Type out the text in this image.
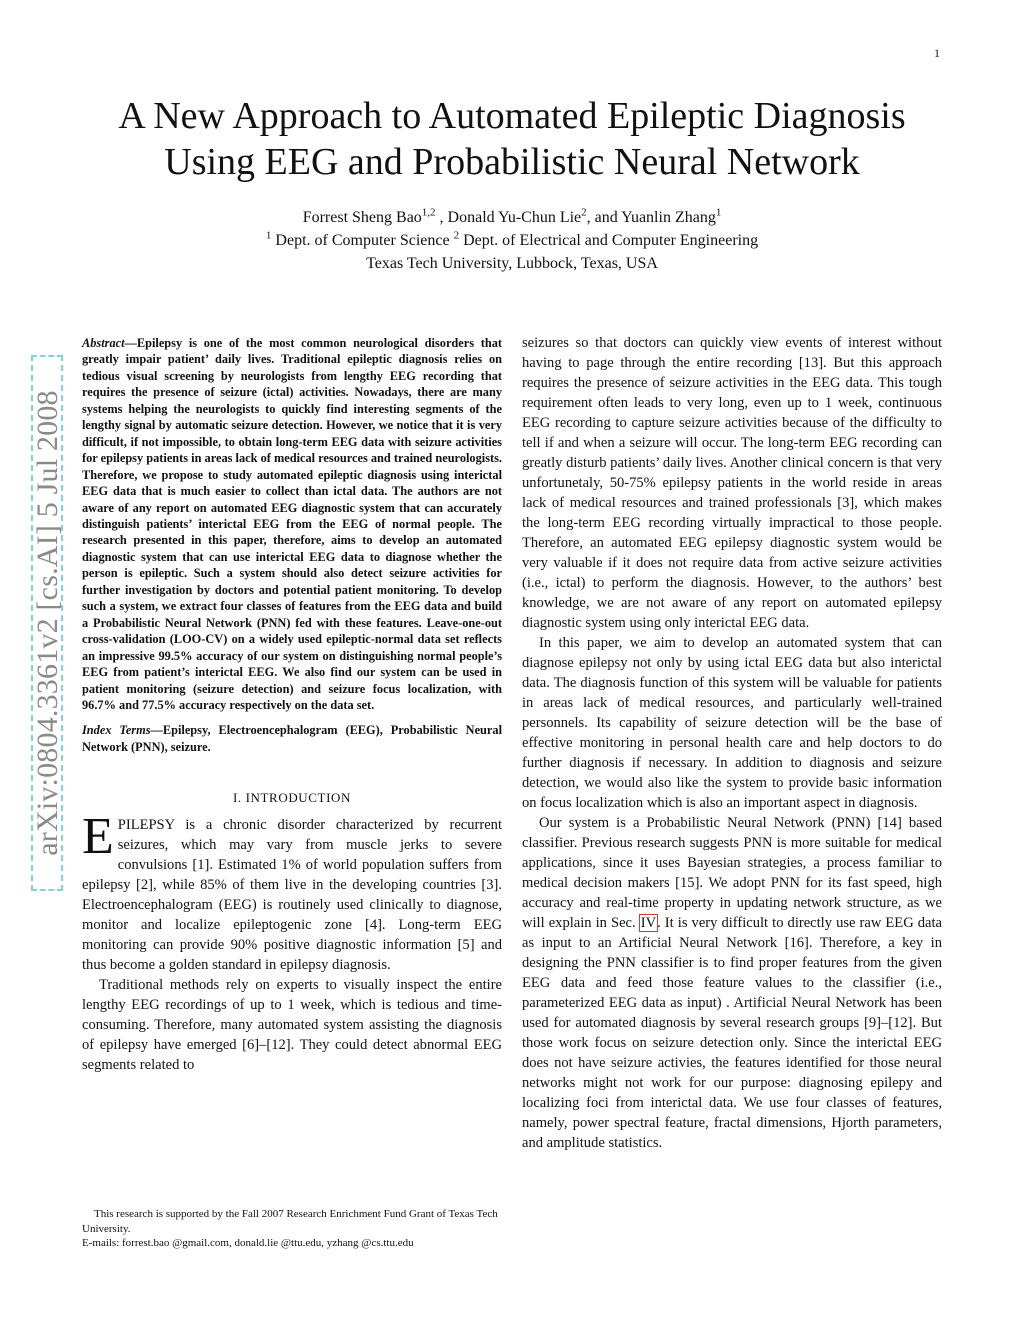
1
A New Approach to Automated Epileptic Diagnosis
Using EEG and Probabilistic Neural Network
Forrest Sheng Bao$^{1,2}$ , Donald Yu-Chun Lie$^2$, and Yuanlin Zhang$^1$
$^1$ Dept. of Computer Science $^2$ Dept. of Electrical and Computer Engineering
Texas Tech University, Lubbock, Texas, USA
arXiv:0804.3361v2 [cs.AI] 5 Jul 2008

Abstract—Epilepsy is one of the most common neurological disorders that greatly impair patient’ daily lives. Traditional epileptic diagnosis relies on tedious visual screening by neurologists from lengthy EEG recording that requires the presence of seizure (ictal) activities. Nowadays, there are many systems helping the neurologists to quickly find interesting segments of the lengthy signal by automatic seizure detection. However, we notice that it is very difficult, if not impossible, to obtain long-term EEG data with seizure activities for epilepsy patients in areas lack of medical resources and trained neurologists. Therefore, we propose to study automated epileptic diagnosis using interictal EEG data that is much easier to collect than ictal data. The authors are not aware of any report on automated EEG diagnostic system that can accurately distinguish patients’ interictal EEG from the EEG of normal people. The research presented in this paper, therefore, aims to develop an automated diagnostic system that can use interictal EEG data to diagnose whether the person is epileptic. Such a system should also detect seizure activities for further investigation by doctors and potential patient monitoring. To develop such a system, we extract four classes of features from the EEG data and build a Probabilistic Neural Network (PNN) fed with these features. Leave-one-out cross-validation (LOO-CV) on a widely used epileptic-normal data set reflects an impressive 99.5% accuracy of our system on distinguishing normal people’s EEG from patient’s interictal EEG. We also find our system can be used in patient monitoring (seizure detection) and seizure focus localization, with 96.7% and 77.5% accuracy respectively on the data set.

Index Terms—Epilepsy, Electroencephalogram (EEG), Probabilistic Neural Network (PNN), seizure.

I. INTRODUCTION

EPILEPSY is a chronic disorder characterized by recurrent seizures, which may vary from muscle jerks to severe convulsions [1]. Estimated 1% of world population suffers from epilepsy [2], while 85% of them live in the developing countries [3]. Electroencephalogram (EEG) is routinely used clinically to diagnose, monitor and localize epileptogenic zone [4]. Long-term EEG monitoring can provide 90% positive diagnostic information [5] and thus become a golden standard in epilepsy diagnosis.

Traditional methods rely on experts to visually inspect the entire lengthy EEG recordings of up to 1 week, which is tedious and time-consuming. Therefore, many automated system assisting the diagnosis of epilepsy have emerged [6]–[12]. They could detect abnormal EEG segments related to

seizures so that doctors can quickly view events of interest without having to page through the entire recording [13]. But this approach requires the presence of seizure activities in the EEG data. This tough requirement often leads to very long, even up to 1 week, continuous EEG recording to capture seizure activities because of the difficulty to tell if and when a seizure will occur. The long-term EEG recording can greatly disturb patients’ daily lives. Another clinical concern is that very unfortunetaly, 50-75% epilepsy patients in the world reside in areas lack of medical resources and trained professionals [3], which makes the long-term EEG recording virtually impractical to those people. Therefore, an automated EEG epilepsy diagnostic system would be very valuable if it does not require data from active seizure activities (i.e., ictal) to perform the diagnosis. However, to the authors’ best knowledge, we are not aware of any report on automated epilepsy diagnostic system using only interictal EEG data.

In this paper, we aim to develop an automated system that can diagnose epilepsy not only by using ictal EEG data but also interictal data. The diagnosis function of this system will be valuable for patients in areas lack of medical resources, and particularly well-trained personnels. Its capability of seizure detection will be the base of effective monitoring in personal health care and help doctors to do further diagnosis if necessary. In addition to diagnosis and seizure detection, we would also like the system to provide basic information on focus localization which is also an important aspect in diagnosis.

Our system is a Probabilistic Neural Network (PNN) [14] based classifier. Previous research suggests PNN is more suitable for medical applications, since it uses Bayesian strategies, a process familiar to medical decision makers [15]. We adopt PNN for its fast speed, high accuracy and real-time property in updating network structure, as we will explain in Sec. IV. It is very difficult to directly use raw EEG data as input to an Artificial Neural Network [16]. Therefore, a key in designing the PNN classifier is to find proper features from the given EEG data and feed those feature values to the classifier (i.e., parameterized EEG data as input) . Artificial Neural Network has been used for automated diagnosis by several research groups [9]–[12]. But those work focus on seizure detection only. Since the interictal EEG does not have seizure activies, the features identified for those neural networks might not work for our purpose: diagnosing epilepy and localizing foci from interictal data. We use four classes of features, namely, power spectral feature, fractal dimensions, Hjorth parameters, and amplitude statistics.

This research is supported by the Fall 2007 Research Enrichment Fund Grant of Texas Tech University.

E-mails: forrest.bao @gmail.com, donald.lie @ttu.edu, yzhang @cs.ttu.edu
